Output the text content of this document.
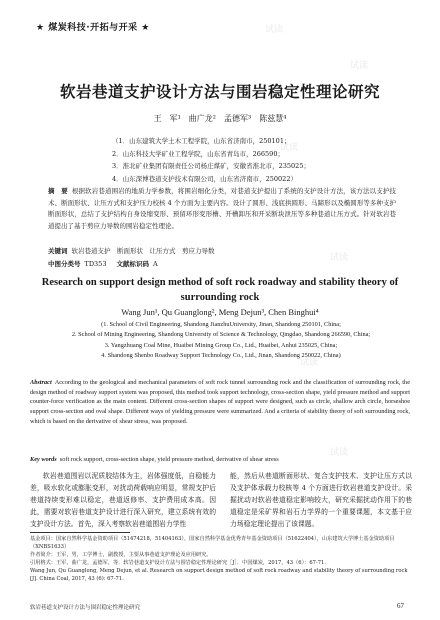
试读
试读
试读
试读
试读
试读
★ 煤炭科技·开拓与开采 ★
软岩巷道支护设计方法与围岩稳定性理论研究
王　军¹　曲广龙²　孟德军³　陈兹慧⁴
（1．山东建筑大学土木工程学院，山东省济南市，250101；
2．山东科技大学矿业工程学院，山东省青岛市，266590；
3．淮北矿业集团有限责任公司杨庄煤矿，安徽省淮北市，235025；
4．山东深博巷道支护技术有限公司，山东省济南市，250022）
摘　要 根据软岩巷道围岩的地质力学参数，将围岩细化分类，对巷道支护提出了系统的支护设计方法，该方法以支护技术、断面形状、让压方式和支护压力校核 4 个方面为主要内容。设计了圆形、浅底拱圆形、马蹄形以及椭圆形等多种支护断面形状，总结了支护结构自身设缩变形、预留环形变形槽、开槽卸压和开采断块泄压等多种巷道让压方式。针对软岩巷道提出了基于剪应力导数的围岩稳定性理论。
关键词 软岩巷道支护　断面形状　让压方式　剪应力导数
中图分类号 TD353 文献标识码 A
Research on support design method of soft rock roadway and stability theory of surrounding rock
Wang Jun¹, Qu Guanglong², Meng Dejun³, Chen Binghui⁴
(1. School of Civil Engineering, Shandong JianzhuUniversity, Jinan, Shandong 250101, China;
2. School of Mining Engineering, Shandong University of Science & Technology, Qingdao, Shandong 266590, China;
3. Yangzhuang Coal Mine, Huaibei Mining Group Co., Ltd., Huaibei, Anhui 235025, China;
4. Shandong Shenbo Roadway Support Technology Co., Ltd., Jinan, Shandong 250022, China)
Abstract According to the geological and mechanical parameters of soft rock tunnel surrounding rock and the classification of surrounding rock, the design method of roadway support system was proposed, this method took support technology, cross-section shape, yield pressure method and support counter-force verification as the main content. Different cross-section shapes of support were designed, such as circle, shallow arch circle, horseshoe support cross-section and oval shape. Different ways of yielding pressure were summarized. And a criteria of stability theory of soft surrounding rock, which is based on the derivative of shear stress, was proposed.
Key words soft rock support, cross-section shape, yield pressure method, derivative of shear stress
软岩巷道围岩以泥质胶结体为主，岩体强度低，自稳能力差，吸水软化或膨胀变形，对扰动荷载响应明显，常规支护后巷道持续变形难以稳定，巷道返修率、支护费用成本高。因此，需要对软岩巷道支护设计进行深入研究，建立系统有效的支护设计方法。首先，深入考察软岩巷道围岩力学性
能，然后从巷道断面形状、复合支护技术、支护让压方式以及支护体承载力校核等 4 个方面进行软岩巷道支护设计。采掘扰动对软岩巷道稳定影响较大，研究采掘扰动作用下的巷道稳定是采矿界和岩石力学界的一个重要课题，本文基于应力场稳定理论提出了该课题。
基金项目：国家自然科学基金资助项目（51474218，51404163），国家自然科学基金优秀青年基金资助项目（51622404），山东建筑大学博士基金资助项目（XNBS1633）
作者简介：王军，男，工学博士，副教授，主要从事巷道支护理论及应用研究。
引用格式：王军，曲广龙，孟德军，等．软岩巷道支护设计方法与围岩稳定性理论研究［J］．中国煤炭，2017，43（6）：67-71．
Wang Jun, Qu Guanglong, Meng Dejun, et al. Research on support design method of soft rock roadway and stability theory of surrounding rock [J]. China Coal, 2017, 43 (6): 67-71.
软岩巷道支护设计方法与围岩稳定性理论研究	67
